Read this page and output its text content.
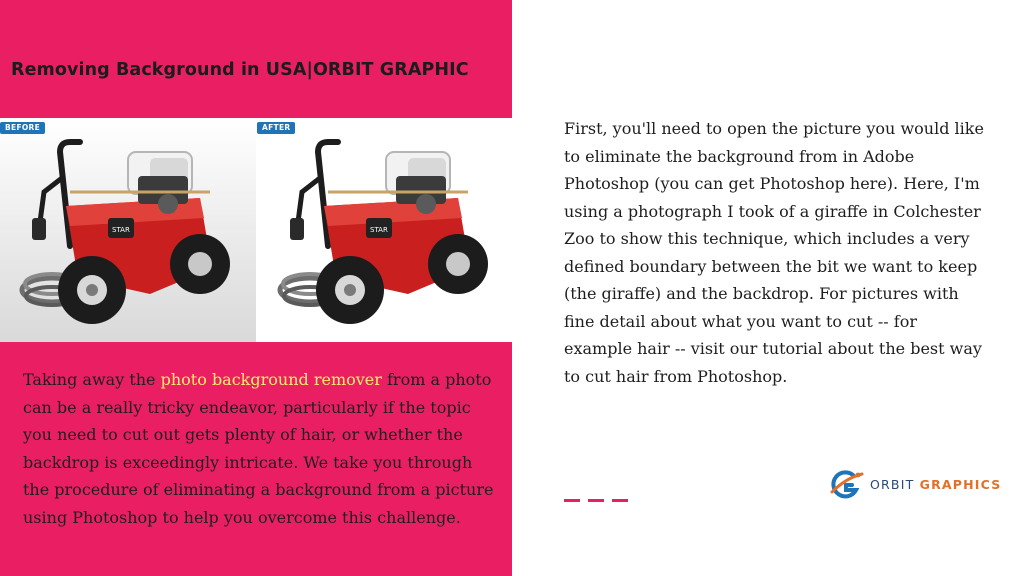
Removing Background in USA|ORBIT GRAPHIC
BEFORE	AFTER

Taking away the photo background remover from a photo can be a really tricky endeavor, particularly if the topic you need to cut out gets plenty of hair, or whether the backdrop is exceedingly intricate. We take you through the procedure of eliminating a background from a picture using Photoshop to help you overcome this challenge.

First, you'll need to open the picture you would like to eliminate the background from in Adobe Photoshop (you can get Photoshop here). Here, I'm using a photograph I took of a giraffe in Colchester Zoo to show this technique, which includes a very defined boundary between the bit we want to keep (the giraffe) and the backdrop. For pictures with fine detail about what you want to cut -- for example hair -- visit our tutorial about the best way to cut hair from Photoshop.

ORBIT GRAPHICS
